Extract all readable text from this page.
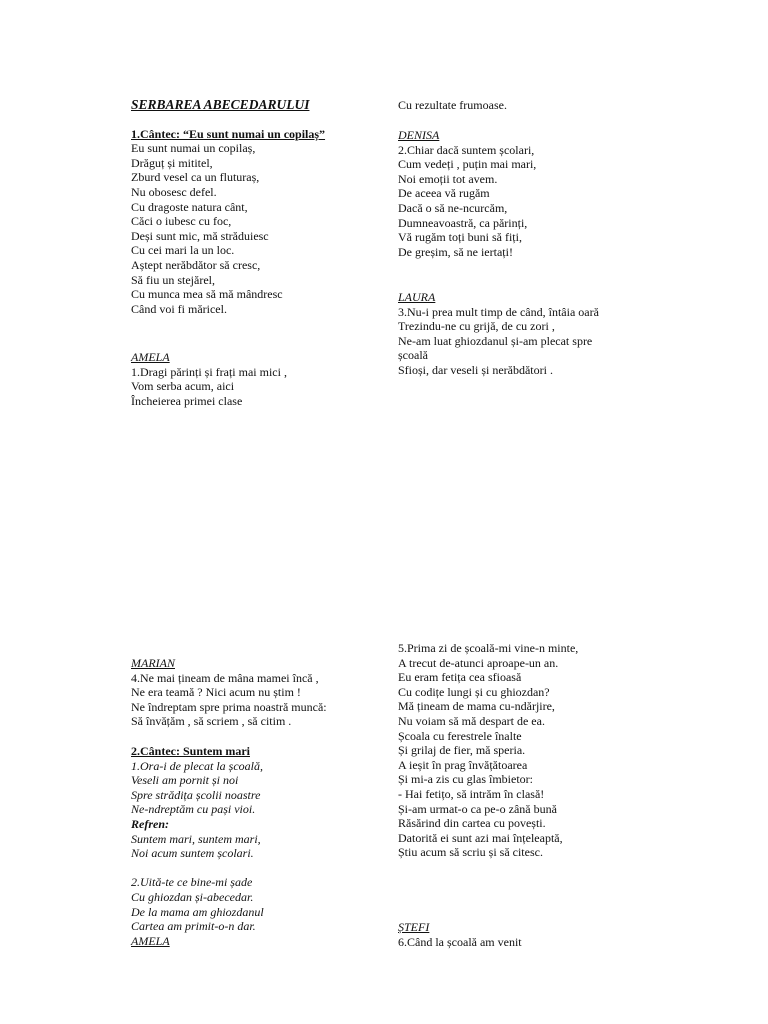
SERBAREA ABECEDARULUI
1.Cântec: “Eu sunt numai un copilaș”
Eu sunt numai un copilaș,
Drăguț și mititel,
Zburd vesel ca un fluturaș,
Nu obosesc defel.
Cu dragoste natura cânt,
Căci o iubesc cu foc,
Deși sunt mic, mă străduiesc
Cu cei mari la un loc.
Aștept nerăbdător să cresc,
Să fiu un stejărel,
Cu munca mea să mă mândresc
Când voi fi măricel.
AMELA
1.Dragi părinți și frați mai mici ,
Vom serba acum, aici
Încheierea primei clase
Cu rezultate frumoase.
DENISA
2.Chiar dacă suntem școlari,
Cum vedeți , puțin mai mari,
Noi emoții tot avem.
De aceea vă rugăm
Dacă o să ne-ncurcăm,
Dumneavoastră, ca părinți,
Vă rugăm toți buni să fiți,
De greșim, să ne iertați!
LAURA
3.Nu-i prea mult timp de când, întâia oară
Trezindu-ne cu grijă, de cu zori ,
Ne-am luat ghiozdanul și-am plecat spre
școală
Sfioși, dar veseli și nerăbdători .
MARIAN
4.Ne mai țineam de mâna mamei încă ,
Ne era teamă ? Nici acum nu știm !
Ne îndreptam spre prima noastră muncă:
Să învățăm , să scriem , să citim .
2.Cântec: Suntem mari
1.Ora-i de plecat la școală,
Veseli am pornit și noi
Spre strădița școlii noastre
Ne-ndreptăm cu pași vioi.
Refren:
Suntem mari, suntem mari,
Noi acum suntem școlari.
2.Uită-te ce bine-mi șade
Cu ghiozdan și-abecedar.
De la mama am ghiozdanul
Cartea am primit-o-n dar.
AMELA
5.Prima zi de școală-mi vine-n minte,
A trecut de-atunci aproape-un an.
Eu eram fetița cea sfioasă
Cu codițe lungi și cu ghiozdan?
Mă țineam de mama cu-ndărjire,
Nu voiam să mă despart de ea.
Școala cu ferestrele înalte
Și grilaj de fier, mă speria.
A ieșit în prag învățătoarea
Și mi-a zis cu glas îmbietor:
- Hai fetițo, să intrăm în clasă!
Și-am urmat-o ca pe-o zână bună
Răsărind din cartea cu povești.
Datorită ei sunt azi mai înțeleaptă,
Știu acum să scriu și să citesc.
ȘTEFI
6.Când la școală am venit
